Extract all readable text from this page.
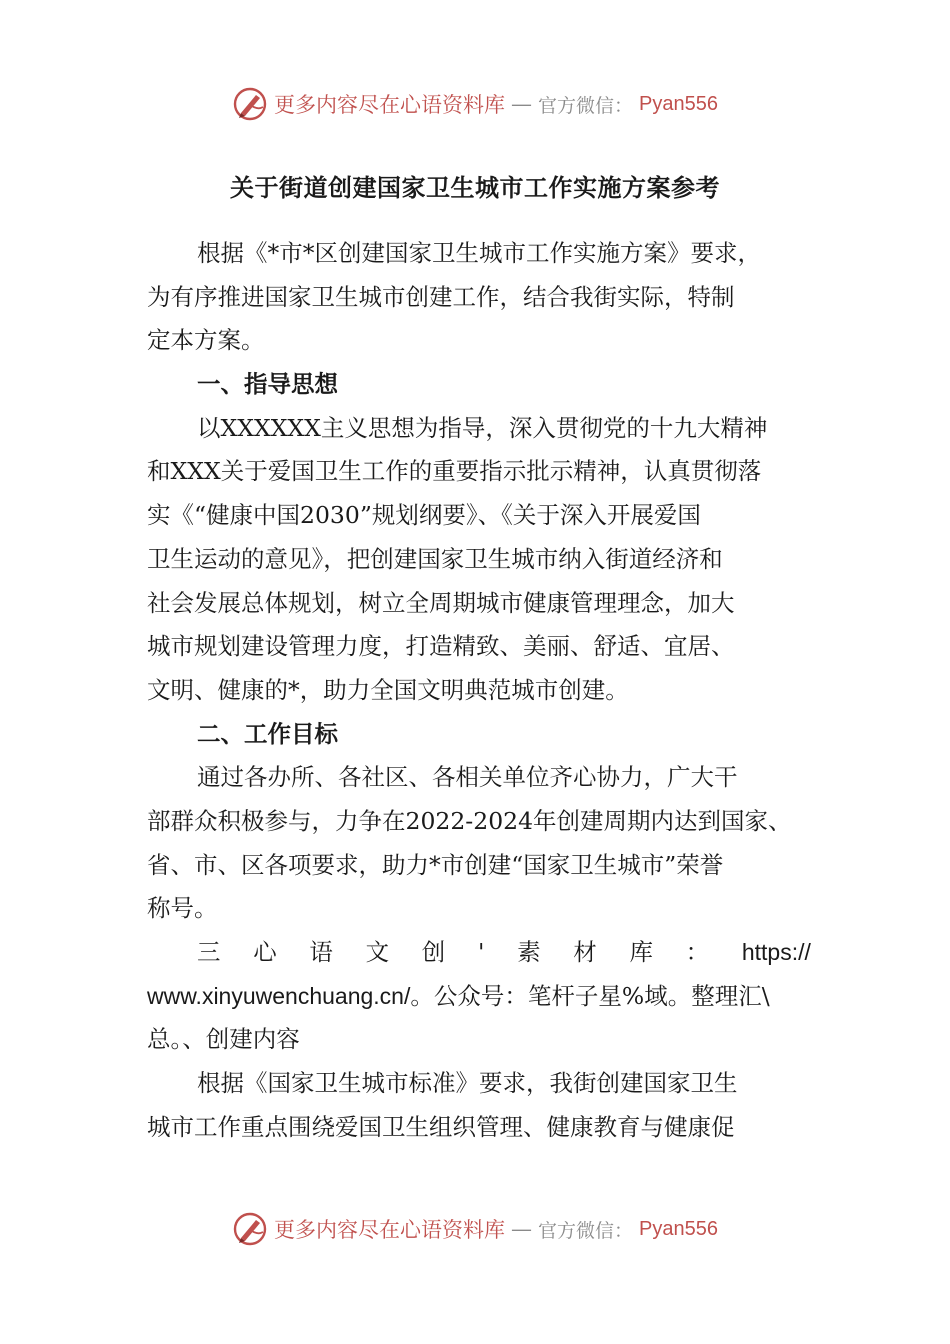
更多内容尽在心语资料库 — 官方微信： Pyan556
关于街道创建国家卫生城市工作实施方案参考
根据《*市*区创建国家卫生城市工作实施方案》要求，
为有序推进国家卫生城市创建工作，结合我街实际，特制
定本方案。
一、指导思想
以XXXXXX主义思想为指导，深入贯彻党的十九大精神
和XXX关于爱国卫生工作的重要指示批示精神，认真贯彻落
实《“健康中国2030”规划纲要》、《关于深入开展爱国
卫生运动的意见》，把创建国家卫生城市纳入街道经济和
社会发展总体规划，树立全周期城市健康管理理念，加大
城市规划建设管理力度，打造精致、美丽、舒适、宜居、
文明、健康的*，助力全国文明典范城市创建。
二、工作目标
通过各办所、各社区、各相关单位齐心协力，广大干
部群众积极参与，力争在2022-2024年创建周期内达到国家、
省、市、区各项要求，助力*市创建“国家卫生城市”荣誉
称号。
三 心 语 文 创 ' 素 材 库 ： https://
www.xinyuwenchuang.cn/。公众号：笔杆子星%域。整理汇\
总。、创建内容
根据《国家卫生城市标准》要求，我街创建国家卫生
城市工作重点围绕爱国卫生组织管理、健康教育与健康促
更多内容尽在心语资料库 — 官方微信： Pyan556
